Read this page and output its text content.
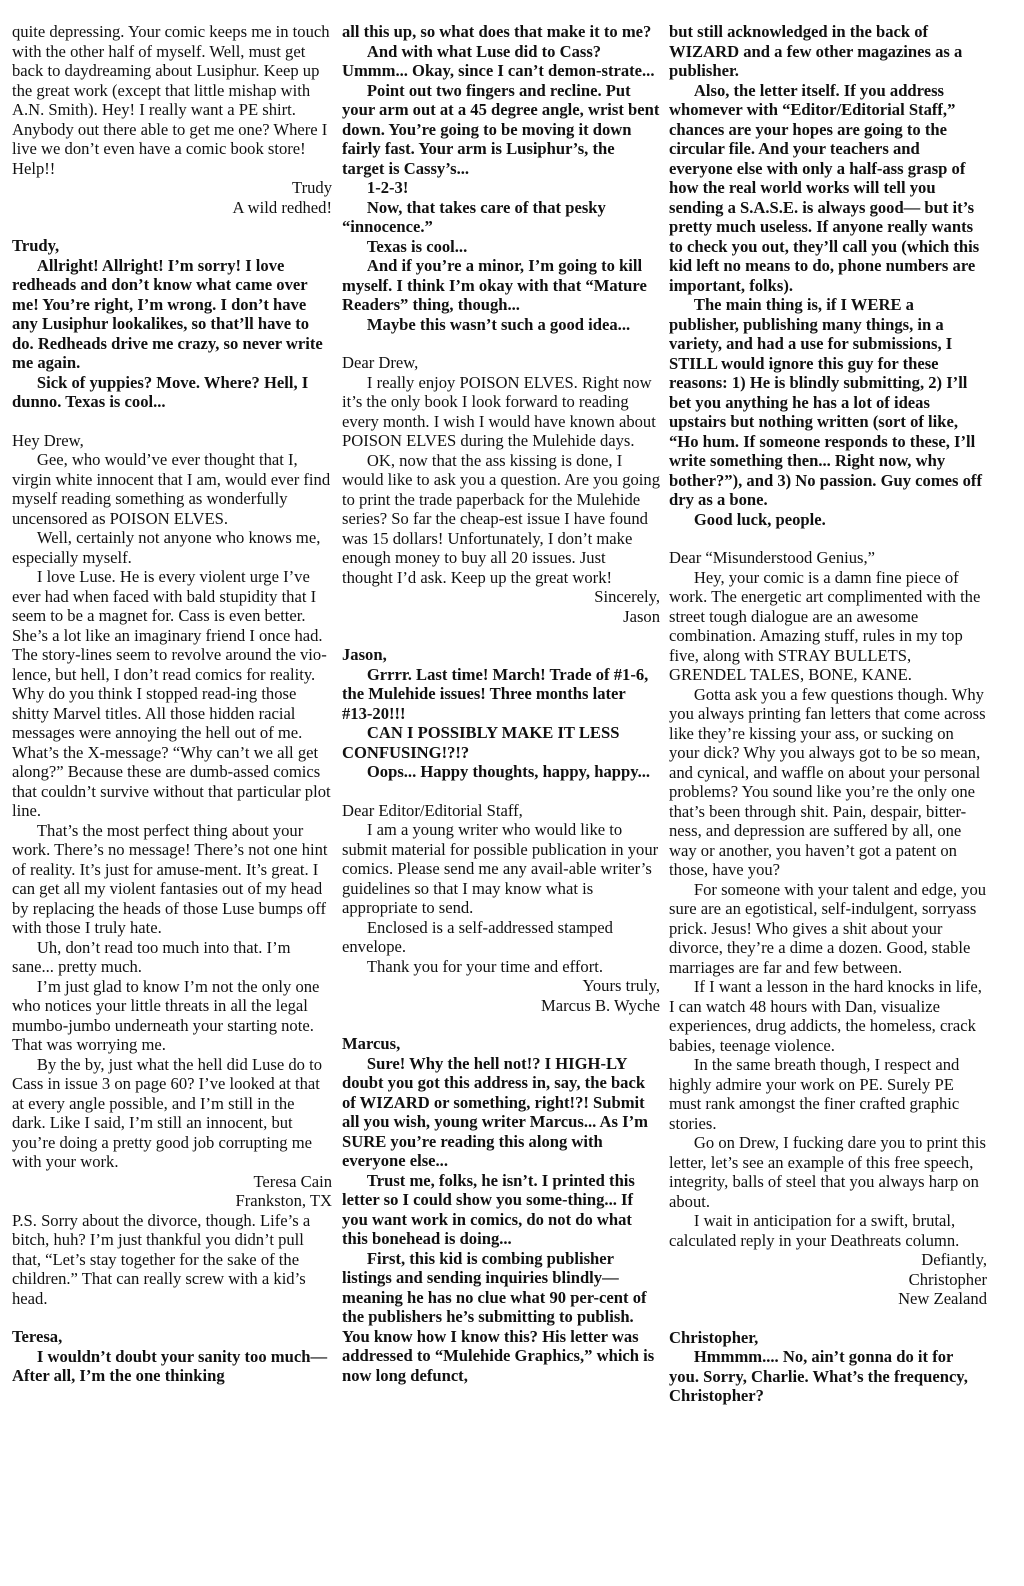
quite depressing. Your comic keeps me in touch with the other half of myself. Well, must get back to daydreaming about Lusiphur. Keep up the great work (except that little mishap with A.N. Smith). Hey! I really want a PE shirt. Anybody out there able to get me one? Where I live we don’t even have a comic book store! Help!!

Trudy
A wild redhed!

Trudy,

Allright! Allright! I’m sorry! I love redheads and don’t know what came over me! You’re right, I’m wrong. I don’t have any Lusiphur lookalikes, so that’ll have to do. Redheads drive me crazy, so never write me again.

Sick of yuppies? Move. Where? Hell, I dunno. Texas is cool...

Hey Drew,

Gee, who would’ve ever thought that I, virgin white innocent that I am, would ever find myself reading something as wonderfully uncensored as POISON ELVES.

Well, certainly not anyone who knows me, especially myself.

I love Luse. He is every violent urge I’ve ever had when faced with bald stupidity that I seem to be a magnet for. Cass is even better. She’s a lot like an imaginary friend I once had. The story-lines seem to revolve around the vio-lence, but hell, I don’t read comics for reality. Why do you think I stopped read-ing those shitty Marvel titles. All those hidden racial messages were annoying the hell out of me. What’s the X-message? “Why can’t we all get along?” Because these are dumb-assed comics that couldn’t survive without that particular plot line.

That’s the most perfect thing about your work. There’s no message! There’s not one hint of reality. It’s just for amuse-ment. It’s great. I can get all my violent fantasies out of my head by replacing the heads of those Luse bumps off with those I truly hate.

Uh, don’t read too much into that. I’m sane... pretty much.

I’m just glad to know I’m not the only one who notices your little threats in all the legal mumbo-jumbo underneath your starting note. That was worrying me.

By the by, just what the hell did Luse do to Cass in issue 3 on page 60? I’ve looked at that at every angle possible, and I’m still in the dark. Like I said, I’m still an innocent, but you’re doing a pretty good job corrupting me with your work.

Teresa Cain
Frankston, TX

P.S. Sorry about the divorce, though. Life’s a bitch, huh? I’m just thankful you didn’t pull that, “Let’s stay together for the sake of the children.” That can really screw with a kid’s head.

Teresa,

I wouldn’t doubt your sanity too much— After all, I’m the one thinking

all this up, so what does that make it to me?

And with what Luse did to Cass? Ummm... Okay, since I can’t demon-strate...

Point out two fingers and recline. Put your arm out at a 45 degree angle, wrist bent down. You’re going to be moving it down fairly fast. Your arm is Lusiphur’s, the target is Cassy’s...

1-2-3!

Now, that takes care of that pesky “innocence.”

Texas is cool...

And if you’re a minor, I’m going to kill myself. I think I’m okay with that “Mature Readers” thing, though...

Maybe this wasn’t such a good idea...

Dear Drew,

I really enjoy POISON ELVES. Right now it’s the only book I look forward to reading every month. I wish I would have known about POISON ELVES during the Mulehide days.

OK, now that the ass kissing is done, I would like to ask you a question. Are you going to print the trade paperback for the Mulehide series? So far the cheap-est issue I have found was 15 dollars! Unfortunately, I don’t make enough money to buy all 20 issues. Just thought I’d ask. Keep up the great work!

Sincerely,
Jason

Jason,

Grrrr. Last time! March! Trade of #1-6, the Mulehide issues! Three months later #13-20!!!

CAN I POSSIBLY MAKE IT LESS CONFUSING!?!?

Oops... Happy thoughts, happy, happy...

Dear Editor/Editorial Staff,

I am a young writer who would like to submit material for possible publication in your comics. Please send me any avail-able writer’s guidelines so that I may know what is appropriate to send.

Enclosed is a self-addressed stamped envelope.

Thank you for your time and effort.

Yours truly,
Marcus B. Wyche

Marcus,

Sure! Why the hell not!? I HIGH-LY doubt you got this address in, say, the back of WIZARD or something, right!?! Submit all you wish, young writer Marcus... As I’m SURE you’re reading this along with everyone else...

Trust me, folks, he isn’t. I printed this letter so I could show you some-thing... If you want work in comics, do not do what this bonehead is doing...

First, this kid is combing publisher listings and sending inquiries blindly— meaning he has no clue what 90 per-cent of the publishers he’s submitting to publish. You know how I know this? His letter was addressed to “Mulehide Graphics,” which is now long defunct,

but still acknowledged in the back of WIZARD and a few other magazines as a publisher.

Also, the letter itself. If you address whomever with “Editor/Editorial Staff,” chances are your hopes are going to the circular file. And your teachers and everyone else with only a half-ass grasp of how the real world works will tell you sending a S.A.S.E. is always good— but it’s pretty much useless. If anyone really wants to check you out, they’ll call you (which this kid left no means to do, phone numbers are important, folks).

The main thing is, if I WERE a publisher, publishing many things, in a variety, and had a use for submissions, I STILL would ignore this guy for these reasons: 1) He is blindly submitting, 2) I’ll bet you anything he has a lot of ideas upstairs but nothing written (sort of like, “Ho hum. If someone responds to these, I’ll write something then... Right now, why bother?”), and 3) No passion. Guy comes off dry as a bone.

Good luck, people.

Dear “Misunderstood Genius,”

Hey, your comic is a damn fine piece of work. The energetic art complimented with the street tough dialogue are an awesome combination. Amazing stuff, rules in my top five, along with STRAY BULLETS, GRENDEL TALES, BONE, KANE.

Gotta ask you a few questions though. Why you always printing fan letters that come across like they’re kissing your ass, or sucking on your dick? Why you always got to be so mean, and cynical, and waffle on about your personal problems? You sound like you’re the only one that’s been through shit. Pain, despair, bitter-ness, and depression are suffered by all, one way or another, you haven’t got a patent on those, have you?

For someone with your talent and edge, you sure are an egotistical, self-indulgent, sorryass prick. Jesus! Who gives a shit about your divorce, they’re a dime a dozen. Good, stable marriages are far and few between.

If I want a lesson in the hard knocks in life, I can watch 48 hours with Dan, visualize experiences, drug addicts, the homeless, crack babies, teenage violence.

In the same breath though, I respect and highly admire your work on PE. Surely PE must rank amongst the finer crafted graphic stories.

Go on Drew, I fucking dare you to print this letter, let’s see an example of this free speech, integrity, balls of steel that you always harp on about.

I wait in anticipation for a swift, brutal, calculated reply in your Deathreats column.

Defiantly,
Christopher
New Zealand

Christopher,

Hmmmm.... No, ain’t gonna do it for you. Sorry, Charlie. What’s the frequency, Christopher?
